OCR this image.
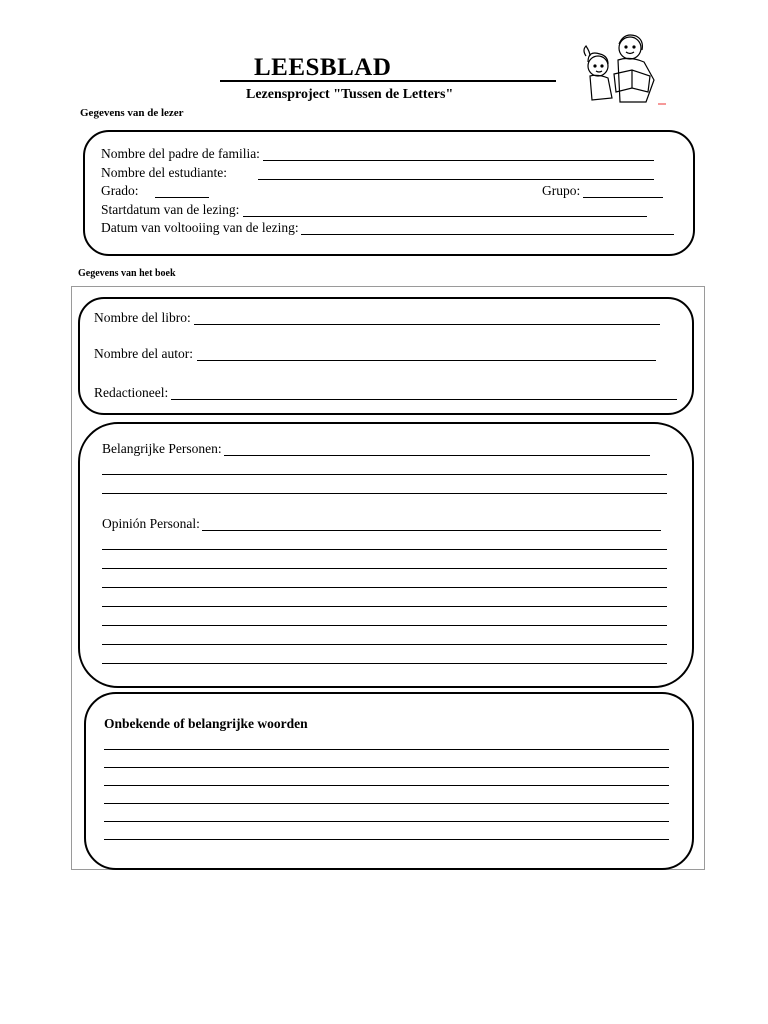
LEESBLAD
Lezensproject "Tussen de Letters"
Gegevens van de lezer
Nombre del padre de familia:
Nombre del estudiante:
Grado:	Grupo:
Startdatum van de lezing:
Datum van voltooiing van de lezing:
Gegevens van het boek
Nombre del libro:
Nombre del autor:
Redactioneel:
Belangrijke Personen:
Opinión Personal:
Onbekende of belangrijke woorden
